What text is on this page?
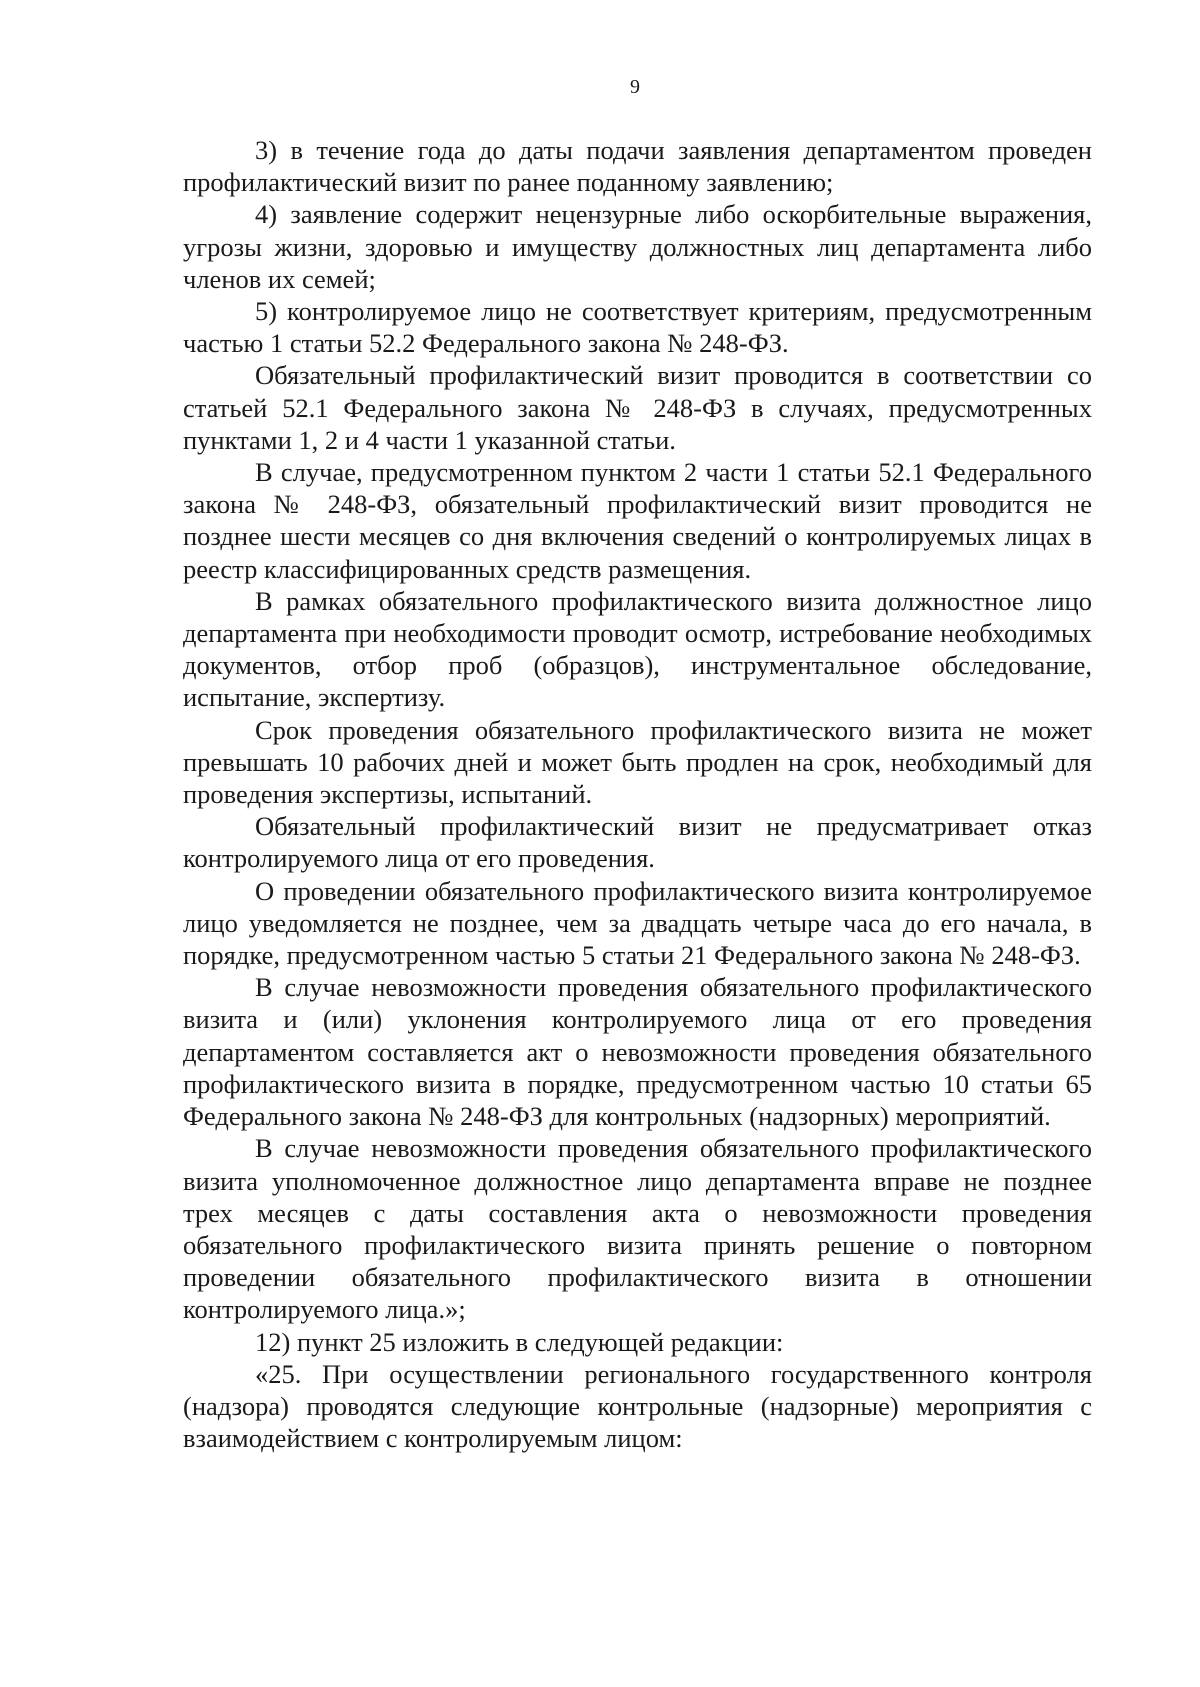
9

3) в течение года до даты подачи заявления департаментом проведен профилактический визит по ранее поданному заявлению;

4) заявление содержит нецензурные либо оскорбительные выражения, угрозы жизни, здоровью и имуществу должностных лиц департамента либо членов их семей;

5) контролируемое лицо не соответствует критериям, предусмотренным частью 1 статьи 52.2 Федерального закона № 248-ФЗ.

Обязательный профилактический визит проводится в соответствии со статьей 52.1 Федерального закона № 248-ФЗ в случаях, предусмотренных пунктами 1, 2 и 4 части 1 указанной статьи.

В случае, предусмотренном пунктом 2 части 1 статьи 52.1 Федерального закона № 248-ФЗ, обязательный профилактический визит проводится не позднее шести месяцев со дня включения сведений о контролируемых лицах в реестр классифицированных средств размещения.

В рамках обязательного профилактического визита должностное лицо департамента при необходимости проводит осмотр, истребование необходимых документов, отбор проб (образцов), инструментальное обследование, испытание, экспертизу.

Срок проведения обязательного профилактического визита не может превышать 10 рабочих дней и может быть продлен на срок, необходимый для проведения экспертизы, испытаний.

Обязательный профилактический визит не предусматривает отказ контролируемого лица от его проведения.

О проведении обязательного профилактического визита контролируемое лицо уведомляется не позднее, чем за двадцать четыре часа до его начала, в порядке, предусмотренном частью 5 статьи 21 Федерального закона № 248-ФЗ.

В случае невозможности проведения обязательного профилактического визита и (или) уклонения контролируемого лица от его проведения департаментом составляется акт о невозможности проведения обязательного профилактического визита в порядке, предусмотренном частью 10 статьи 65 Федерального закона № 248-ФЗ для контрольных (надзорных) мероприятий.

В случае невозможности проведения обязательного профилактического визита уполномоченное должностное лицо департамента вправе не позднее трех месяцев с даты составления акта о невозможности проведения обязательного профилактического визита принять решение о повторном проведении обязательного профилактического визита в отношении контролируемого лица.»;

12) пункт 25 изложить в следующей редакции:

«25. При осуществлении регионального государственного контроля (надзора) проводятся следующие контрольные (надзорные) мероприятия с взаимодействием с контролируемым лицом:
